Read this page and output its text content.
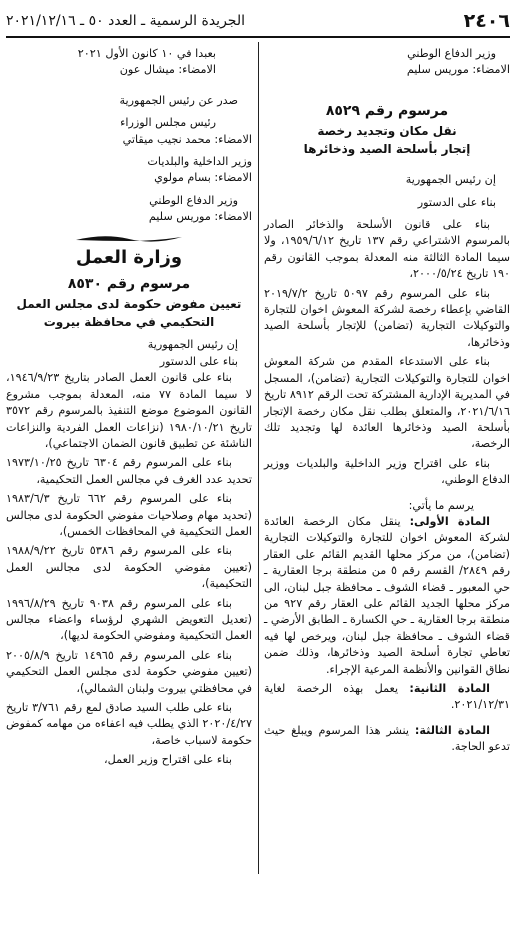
٢٤٠٦
الجريدة الرسمية ـ العدد ٥٠ ـ ٢٠٢١/١٢/١٦

وزير الدفاع الوطني

الامضاء: موريس سليم

مرسوم رقم ٨٥٢٩

نقل مكان وتجديد رخصة

إتجار بأسلحة الصيد وذخائرها

إن رئيس الجمهورية

بناء على الدستور

بناء على قانون الأسلحة والذخائر الصادر بالمرسوم الاشتراعي رقم ١٣٧ تاريخ ١٩٥٩/٦/١٢، ولا سيما المادة الثالثة منه المعدلة بموجب القانون رقم ١٩٠ تاريخ ٢٠٠٠/٥/٢٤،

بناء على المرسوم رقم ٥٠٩٧ تاريخ ٢٠١٩/٧/٢ القاضي بإعطاء رخصة لشركة المعوش اخوان للتجارة والتوكيلات التجارية (تضامن) للإتجار بأسلحة الصيد وذخائرها،

بناء على الاستدعاء المقدم من شركة المعوش اخوان للتجارة والتوكيلات التجارية (تضامن)، المسجل في المديرية الإدارية المشتركة تحت الرقم ٨٩١٢ تاريخ ٢٠٢١/٦/١٦، والمتعلق بطلب نقل مكان رخصة الإتجار بأسلحة الصيد وذخائرها العائدة لها وتجديد تلك الرخصة،

بناء على اقتراح وزير الداخلية والبلديات ووزير الدفاع الوطني،

يرسم ما يأتي:

المادة الأولى: ينقل مكان الرخصة العائدة لشركة المعوش اخوان للتجارة والتوكيلات التجارية (تضامن)، من مركز محلها القديم القائم على العقار رقم ٢٨٤٩/ القسم رقم ٥ من منطقة برجا العقارية ـ حي المعبور ـ قضاء الشوف ـ محافظة جبل لبنان، الى مركز محلها الجديد القائم على العقار رقم ٩٢٧ من منطقة برجا العقارية ـ حي الكسارة ـ الطابق الأرضي ـ قضاء الشوف ـ محافظة جبل لبنان، ويرخص لها فيه تعاطي تجارة أسلحة الصيد وذخائرها، وذلك ضمن نطاق القوانين والأنظمة المرعية الإجراء.

المادة الثانية: يعمل بهذه الرخصة لغاية ٢٠٢١/١٢/٣١.

المادة الثالثة: ينشر هذا المرسوم ويبلغ حيث تدعو الحاجة.

بعبدا في ١٠ كانون الأول ٢٠٢١

الامضاء: ميشال عون

صدر عن رئيس الجمهورية

رئيس مجلس الوزراء

الامضاء: محمد نجيب ميقاتي

وزير الداخلية والبلديات

الامضاء: بسام مولوي

وزير الدفاع الوطني

الامضاء: موريس سليم

وزارة العمل

مرسوم رقم ٨٥٣٠

تعيين مفوض حكومة لدى مجلس العمل

التحكيمي في محافظة بيروت

إن رئيس الجمهورية

بناء على الدستور

بناء على قانون العمل الصادر بتاريخ ١٩٤٦/٩/٢٣، لا سيما المادة ٧٧ منه، المعدلة بموجب مشروع القانون الموضوع موضع التنفيذ بالمرسوم رقم ٣٥٧٢ تاريخ ١٩٨٠/١٠/٢١ (نزاعات العمل الفردية والنزاعات الناشئة عن تطبيق قانون الضمان الاجتماعي)،

بناء على المرسوم رقم ٦٣٠٤ تاريخ ١٩٧٣/١٠/٢٥ تحديد عدد الغرف في مجالس العمل التحكيمية،

بناء على المرسوم رقم ٦٦٢ تاريخ ١٩٨٣/٦/٣ (تحديد مهام وصلاحيات مفوضي الحكومة لدى مجالس العمل التحكيمية في المحافظات الخمس)،

بناء على المرسوم رقم ٥٣٨٦ تاريخ ١٩٨٨/٩/٢٢ (تعيين مفوضي الحكومة لدى مجالس العمل التحكيمية)،

بناء على المرسوم رقم ٩٠٣٨ تاريخ ١٩٩٦/٨/٢٩ (تعديل التعويض الشهري لرؤساء واعضاء مجالس العمل التحكيمية ومفوضي الحكومة لديها)،

بناء على المرسوم رقم ١٤٩٦٥ تاريخ ٢٠٠٥/٨/٩ (تعيين مفوضي حكومة لدى مجلس العمل التحكيمي في محافظتي بيروت ولبنان الشمالي)،

بناء على طلب السيد صادق لمع رقم ٣/٧٦١ تاريخ ٢٠٢٠/٤/٢٧ الذي يطلب فيه اعفاءه من مهامه كمفوض حكومة لاسباب خاصة،

بناء على اقتراح وزير العمل،
